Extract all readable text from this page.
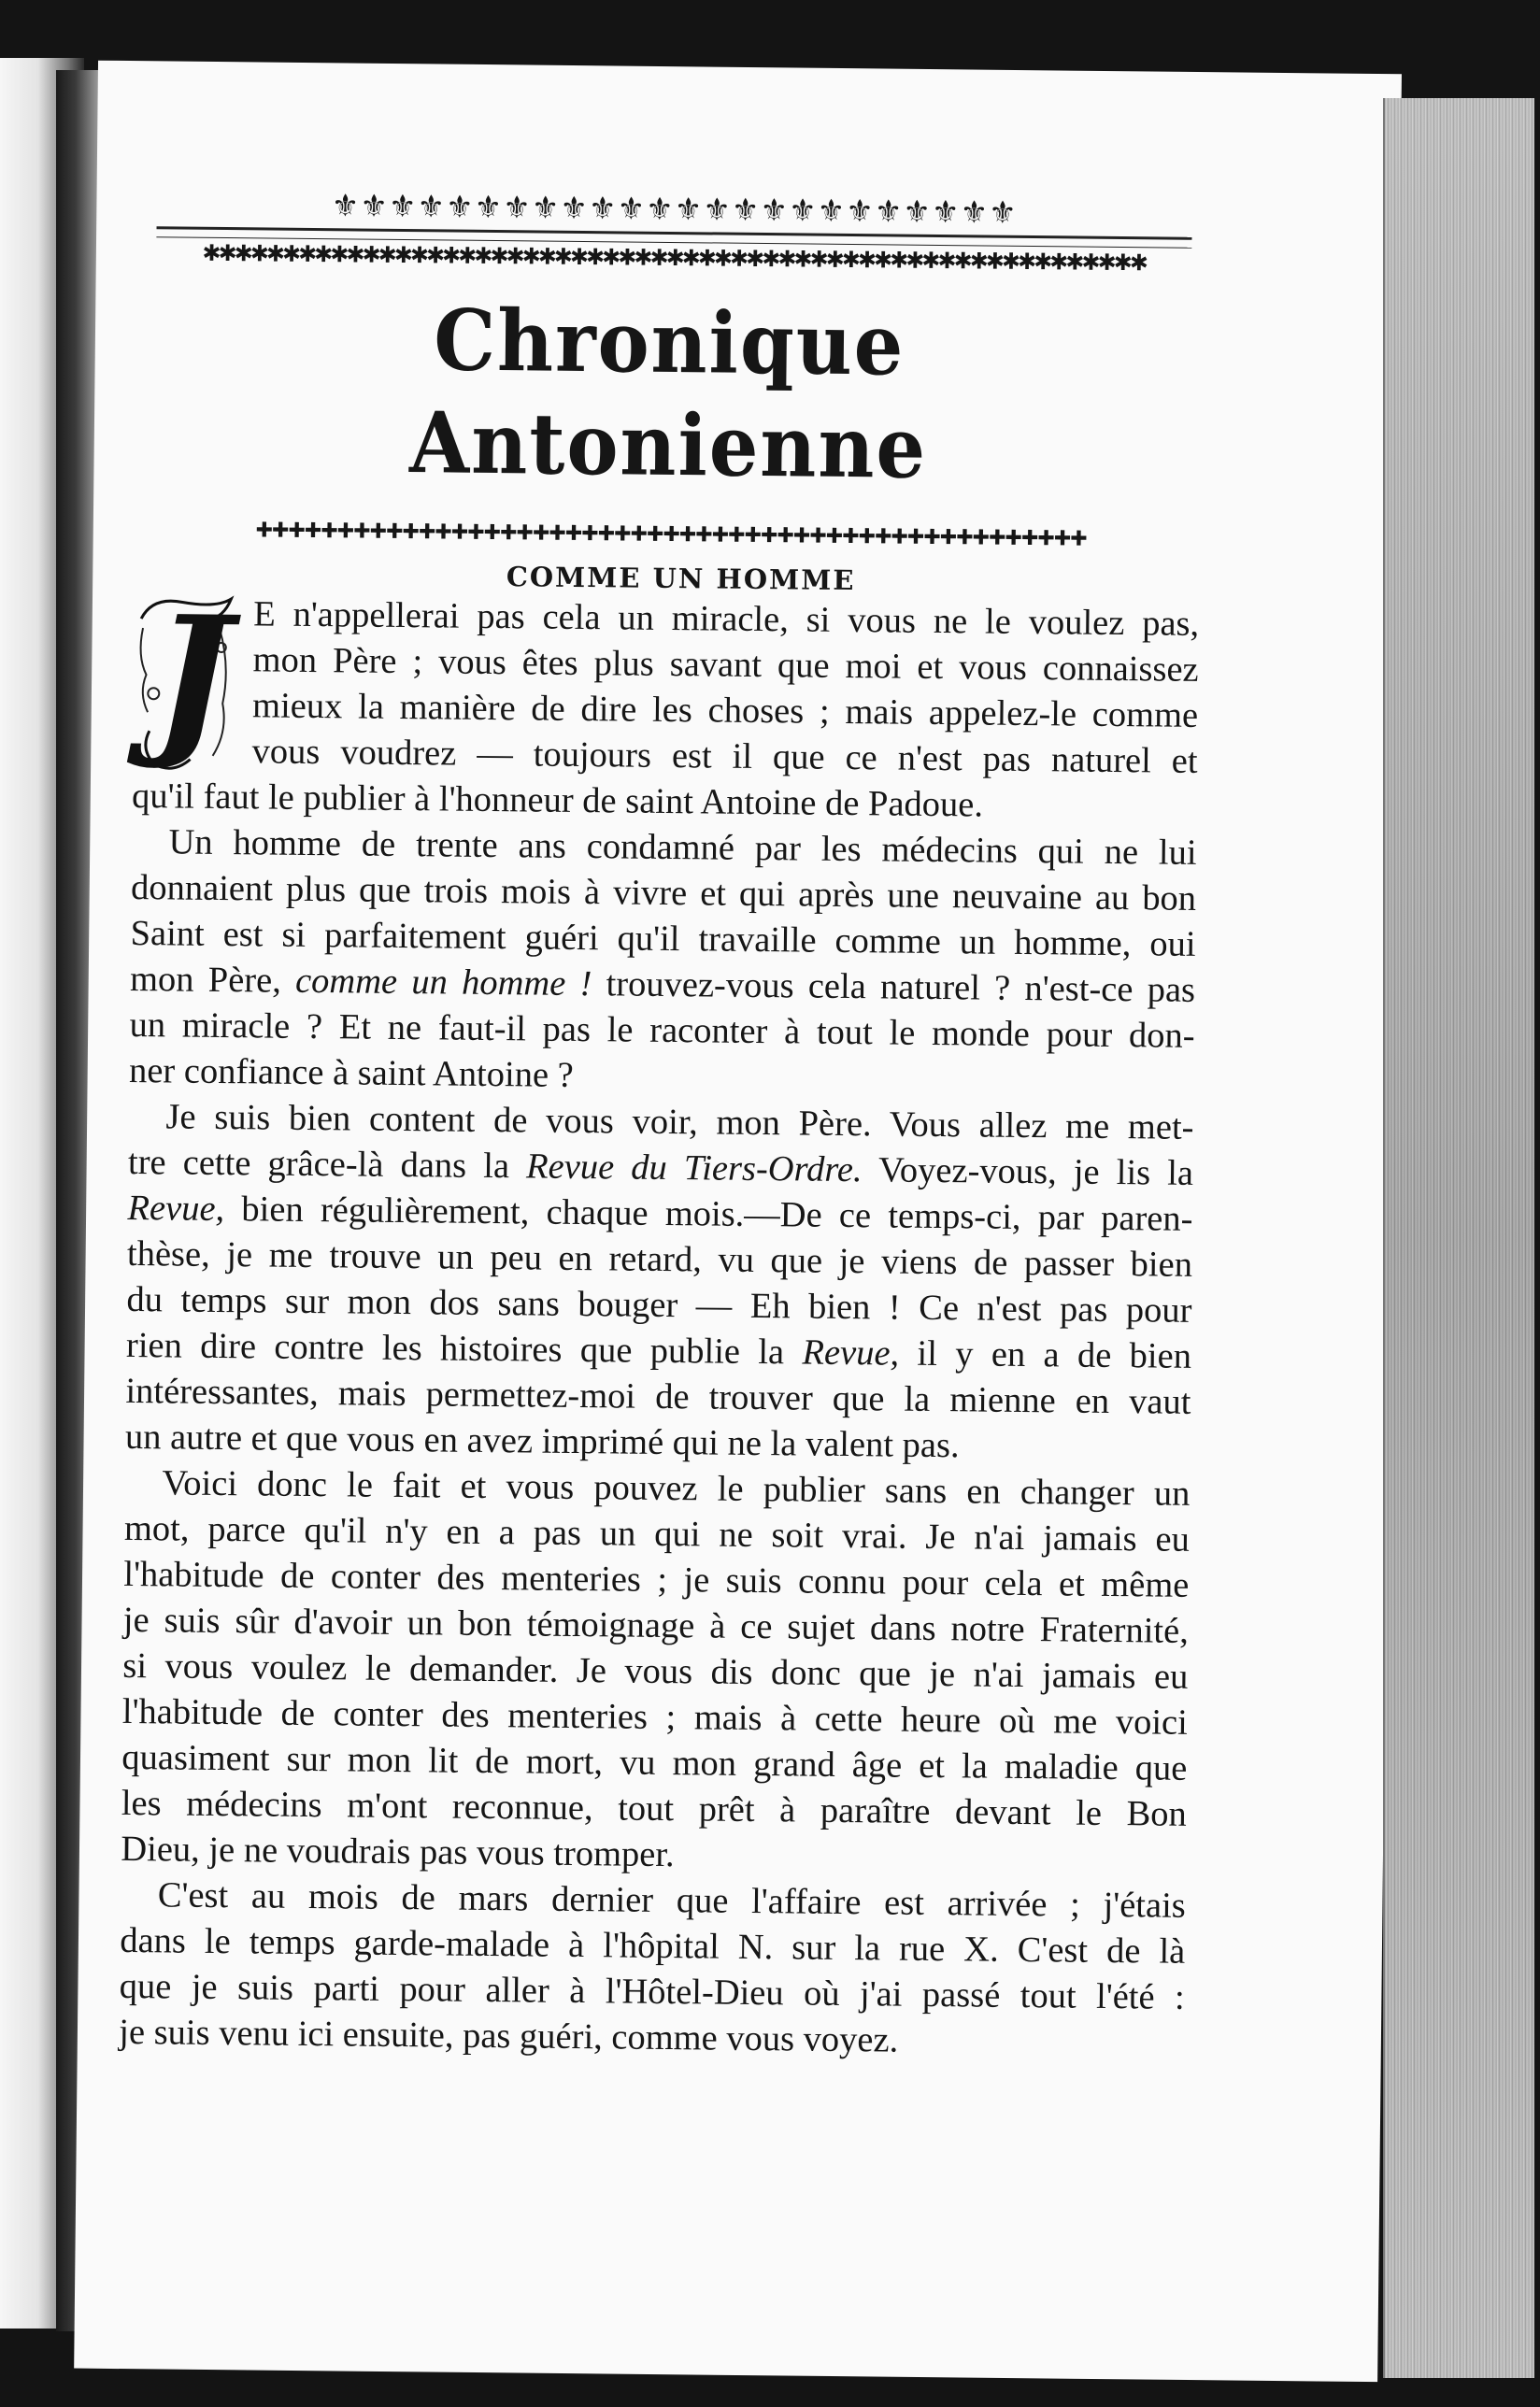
⚜⚜⚜⚜⚜⚜⚜⚜⚜⚜⚜⚜⚜⚜⚜⚜⚜⚜⚜⚜⚜⚜⚜⚜
✱✱✱✱✱✱✱✱✱✱✱✱✱✱✱✱✱✱✱✱✱✱✱✱✱✱✱✱✱✱✱✱✱✱✱✱✱✱✱✱✱✱✱✱✱✱✱✱✱✱✱✱✱✱✱✱✱✱✱
Chronique Antonienne
✚✚✚✚✚✚✚✚✚✚✚✚✚✚✚✚✚✚✚✚✚✚✚✚✚✚✚✚✚✚✚✚✚✚✚✚✚✚✚✚✚✚✚✚✚✚✚✚✚✚✚
COMME UN HOMME
J E n'appellerai pas cela un miracle, si vous ne le voulez pas,
mon Père ; vous êtes plus savant que moi et vous connaissez
mieux la manière de dire les choses ; mais appelez-le comme
vous voudrez — toujours est il que ce n'est pas naturel et
qu'il faut le publier à l'honneur de saint Antoine de Padoue.
Un homme de trente ans condamné par les médecins qui ne lui
donnaient plus que trois mois à vivre et qui après une neuvaine au bon
Saint est si parfaitement guéri qu'il travaille comme un homme, oui
mon Père, comme un homme ! trouvez-vous cela naturel ? n'est-ce pas
un miracle ? Et ne faut-il pas le raconter à tout le monde pour don-
ner confiance à saint Antoine ?
Je suis bien content de vous voir, mon Père. Vous allez me met-
tre cette grâce-là dans la Revue du Tiers-Ordre. Voyez-vous, je lis la
Revue, bien régulièrement, chaque mois.—De ce temps-ci, par paren-
thèse, je me trouve un peu en retard, vu que je viens de passer bien
du temps sur mon dos sans bouger — Eh bien ! Ce n'est pas pour
rien dire contre les histoires que publie la Revue, il y en a de bien
intéressantes, mais permettez-moi de trouver que la mienne en vaut
un autre et que vous en avez imprimé qui ne la valent pas.
Voici donc le fait et vous pouvez le publier sans en changer un
mot, parce qu'il n'y en a pas un qui ne soit vrai. Je n'ai jamais eu
l'habitude de conter des menteries ; je suis connu pour cela et même
je suis sûr d'avoir un bon témoignage à ce sujet dans notre Fraternité,
si vous voulez le demander. Je vous dis donc que je n'ai jamais eu
l'habitude de conter des menteries ; mais à cette heure où me voici
quasiment sur mon lit de mort, vu mon grand âge et la maladie que
les médecins m'ont reconnue, tout prêt à paraître devant le Bon
Dieu, je ne voudrais pas vous tromper.
C'est au mois de mars dernier que l'affaire est arrivée ; j'étais
dans le temps garde-malade à l'hôpital N. sur la rue X. C'est de là
que je suis parti pour aller à l'Hôtel-Dieu où j'ai passé tout l'été :
je suis venu ici ensuite, pas guéri, comme vous voyez.
